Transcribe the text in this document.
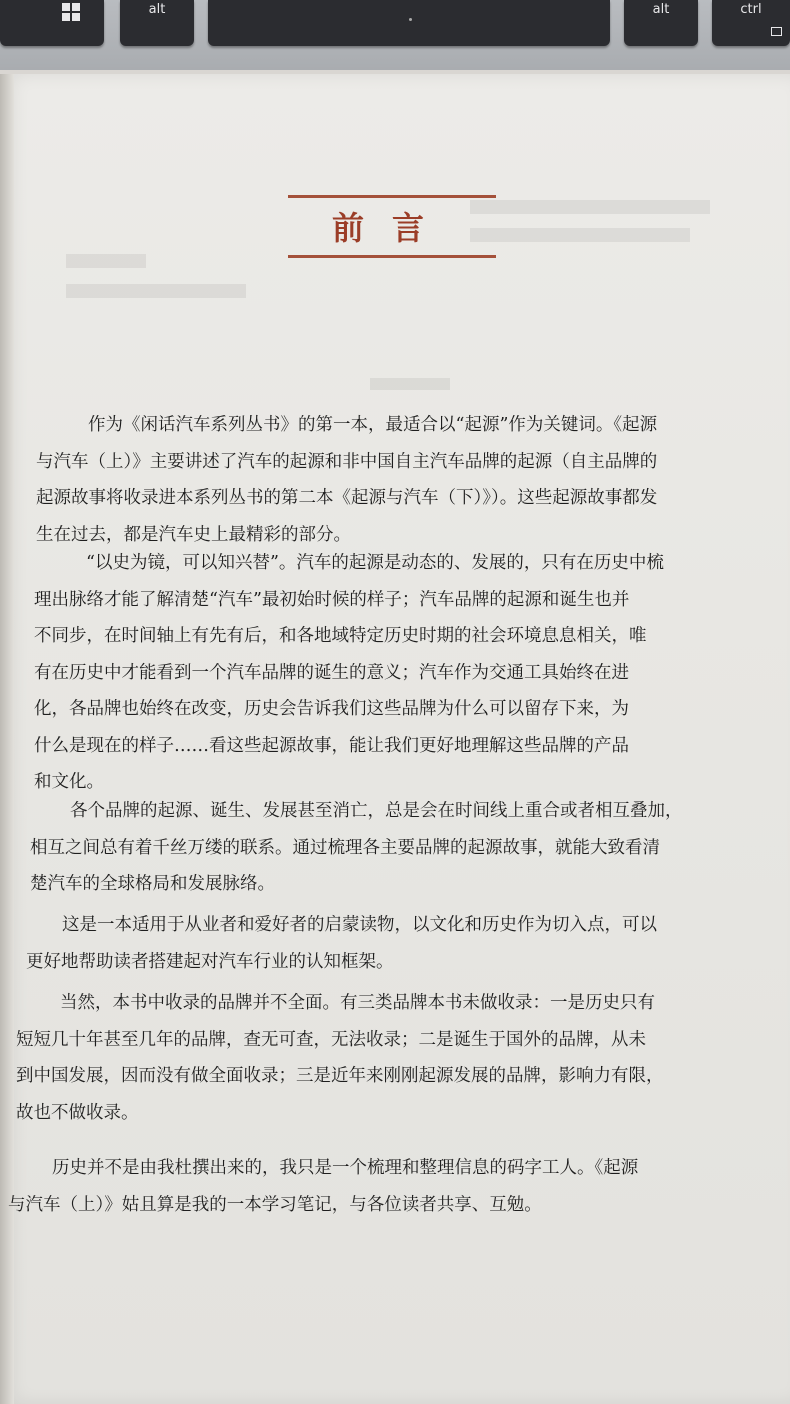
alt	alt	ctrl
前言
作为《闲话汽车系列丛书》的第一本，最适合以“起源”作为关键词。《起源
与汽车（上）》主要讲述了汽车的起源和非中国自主汽车品牌的起源（自主品牌的
起源故事将收录进本系列丛书的第二本《起源与汽车（下）》）。这些起源故事都发
生在过去，都是汽车史上最精彩的部分。
“以史为镜，可以知兴替”。汽车的起源是动态的、发展的，只有在历史中梳
理出脉络才能了解清楚“汽车”最初始时候的样子；汽车品牌的起源和诞生也并
不同步，在时间轴上有先有后，和各地域特定历史时期的社会环境息息相关，唯
有在历史中才能看到一个汽车品牌的诞生的意义；汽车作为交通工具始终在进
化，各品牌也始终在改变，历史会告诉我们这些品牌为什么可以留存下来，为
什么是现在的样子……看这些起源故事，能让我们更好地理解这些品牌的产品
和文化。
各个品牌的起源、诞生、发展甚至消亡，总是会在时间线上重合或者相互叠加，
相互之间总有着千丝万缕的联系。通过梳理各主要品牌的起源故事，就能大致看清
楚汽车的全球格局和发展脉络。
这是一本适用于从业者和爱好者的启蒙读物，以文化和历史作为切入点，可以
更好地帮助读者搭建起对汽车行业的认知框架。
当然，本书中收录的品牌并不全面。有三类品牌本书未做收录：一是历史只有
短短几十年甚至几年的品牌，查无可查，无法收录；二是诞生于国外的品牌，从未
到中国发展，因而没有做全面收录；三是近年来刚刚起源发展的品牌，影响力有限，
故也不做收录。
历史并不是由我杜撰出来的，我只是一个梳理和整理信息的码字工人。《起源
与汽车（上）》姑且算是我的一本学习笔记，与各位读者共享、互勉。
